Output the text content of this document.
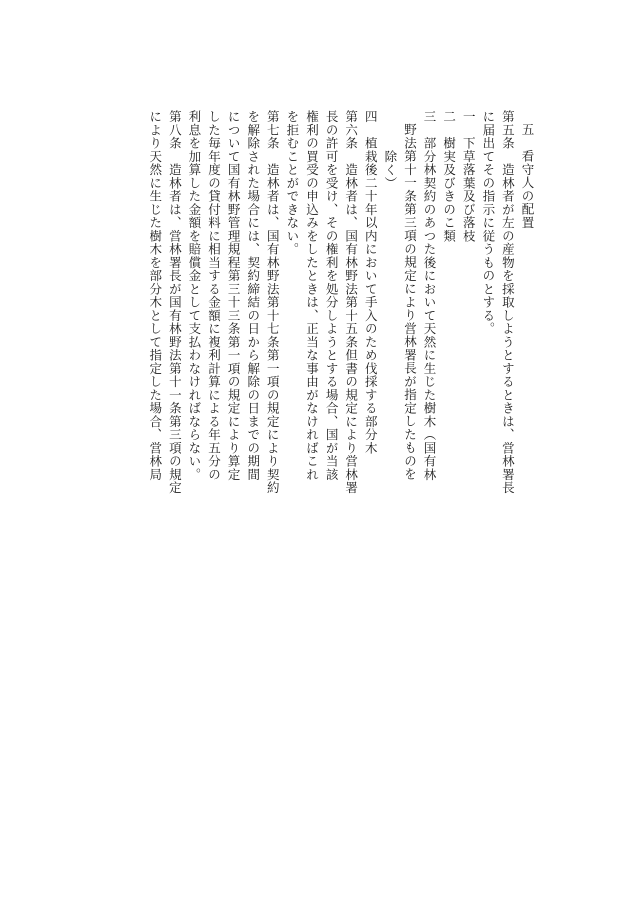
五　看守人の配置
第五条　造林者が左の産物を採取しようとするときは、営林署長
に届出てその指示に従うものとする。
一　下草落葉及び落枝
二　樹実及びきのこ類
三　部分林契約のあつた後において天然に生じた樹木（国有林
野法第十一条第三項の規定により営林署長が指定したものを
除く）
四　植栽後二十年以内において手入のため伐採する部分木
第六条　造林者は、国有林野法第十五条但書の規定により営林署
長の許可を受け、その権利を処分しようとする場合、国が当該
権利の買受の申込みをしたときは、正当な事由がなければこれ
を拒むことができない。
第七条　造林者は、国有林野法第十七条第一項の規定により契約
を解除された場合には、契約締結の日から解除の日までの期間
について国有林野管理規程第三十三条第一項の規定により算定
した毎年度の貸付料に相当する金額に複利計算による年五分の
利息を加算した金額を賠償金として支払わなければならない。
第八条　造林者は、営林署長が国有林野法第十一条第三項の規定
により天然に生じた樹木を部分木として指定した場合、営林局
